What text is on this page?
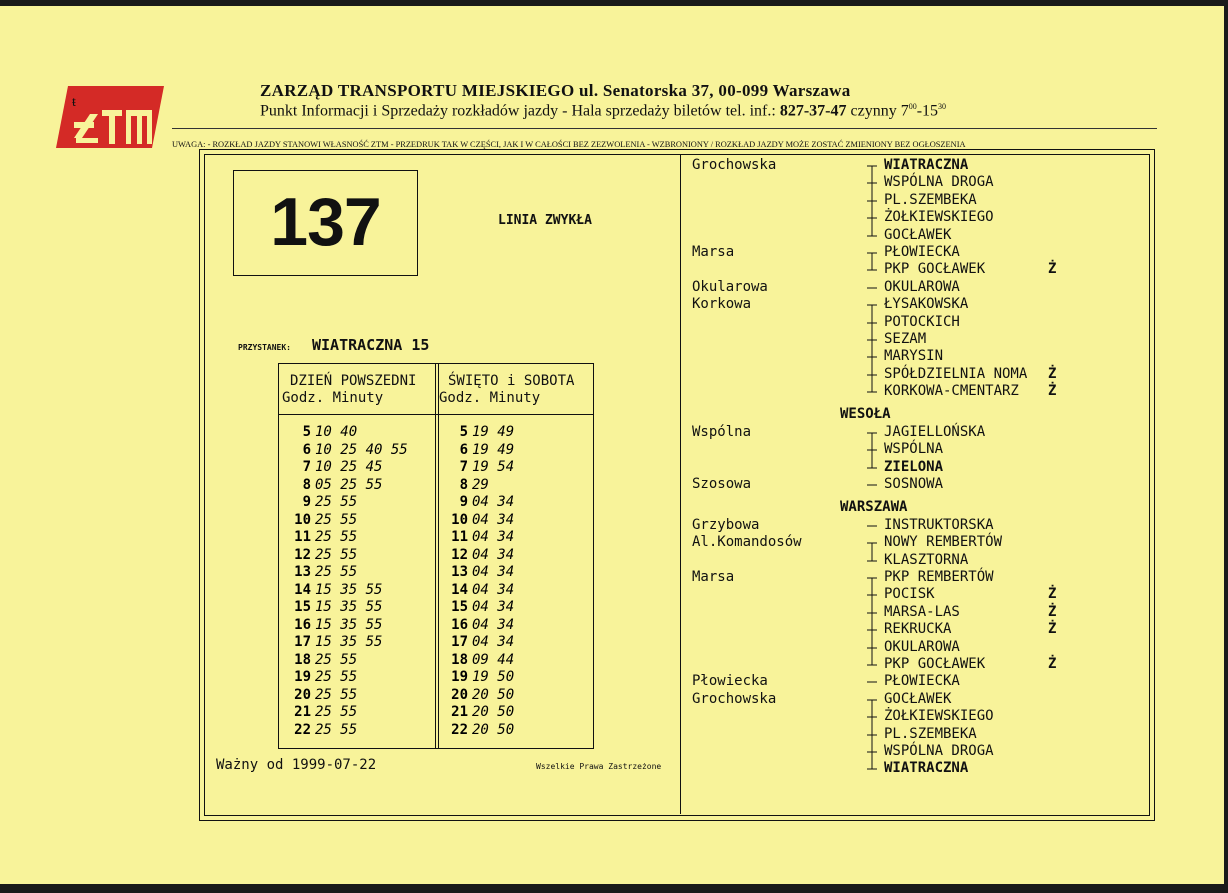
ŧ
ZARZĄD TRANSPORTU MIEJSKIEGO ul. Senatorska 37, 00-099 Warszawa
Punkt Informacji i Sprzedaży rozkładów jazdy - Hala sprzedaży biletów tel. inf.: 827-37-47 czynny $7^{00}-15^{30}$
UWAGA: - ROZKŁAD JAZDY STANOWI WŁASNOŚĆ ZTM - PRZEDRUK TAK W CZĘŚCI, JAK I W CAŁOŚCI BEZ ZEZWOLENIA - WZBRONIONY / ROZKŁAD JAZDY MOŻE ZOSTAĆ ZMIENIONY BEZ OGŁOSZENIA
137	LINIA ZWYKŁA
PRZYSTANEK: WIATRACZNA 15
DZIEŃ POWSZEDNI
Godz. Minuty
ŚWIĘTO i SOBOTA
Godz. Minuty
5 10 40
6 10 25 40 55
7 10 25 45
8 05 25 55
9 25 55
10 25 55
11 25 55
12 25 55
13 25 55
14 15 35 55
15 15 35 55
16 15 35 55
17 15 35 55
18 25 55
19 25 55
20 25 55
21 25 55
22 25 55
5 19 49
6 19 49
7 19 54
8 29
9 04 34
10 04 34
11 04 34
12 04 34
13 04 34
14 04 34
15 04 34
16 04 34
17 04 34
18 09 44
19 19 50
20 20 50
21 20 50
22 20 50
Ważny od 1999-07-22	Wszelkie Prawa Zastrzeżone
Grochowska	WIATRACZNA
WSPÓLNA DROGA
PL.SZEMBEKA
ŻOŁKIEWSKIEGO
GOCŁAWEK
Marsa	PŁOWIECKA
PKP GOCŁAWEK	Ż
Okularowa	OKULAROWA
Korkowa	ŁYSAKOWSKA
POTOCKICH
SEZAM
MARYSIN
SPÓŁDZIELNIA NOMA Ż
KORKOWA-CMENTARZ Ż
WESOŁA
Wspólna	JAGIELLOŃSKA
WSPÓLNA
ZIELONA
Szosowa	SOSNOWA
WARSZAWA
Grzybowa	INSTRUKTORSKA
Al.Komandosów	NOWY REMBERTÓW
KLASZTORNA
Marsa	PKP REMBERTÓW
POCISK	Ż
MARSA-LAS	Ż
REKRUCKA	Ż
OKULAROWA
PKP GOCŁAWEK	Ż
Płowiecka	PŁOWIECKA
Grochowska	GOCŁAWEK
ŻOŁKIEWSKIEGO
PL.SZEMBEKA
WSPÓLNA DROGA
WIATRACZNA
